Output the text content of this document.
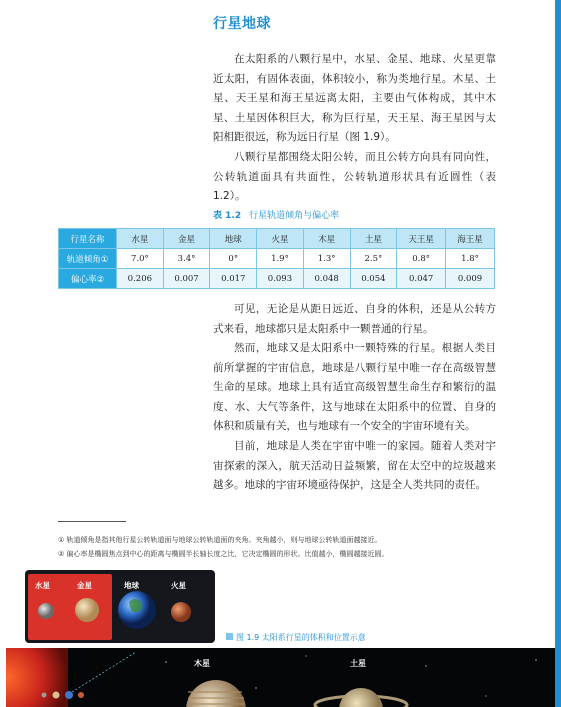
行星地球
在太阳系的八颗行星中，水星、金星、地球、火星更靠近太阳，有固体表面，体积较小，称为类地行星。木星、土星、天王星和海王星远离太阳，主要由气体构成，其中木星、土星因体积巨大，称为巨行星，天王星、海王星因与太阳相距很远，称为远日行星（图 1.9）。
八颗行星都围绕太阳公转，而且公转方向具有同向性，公转轨道面具有共面性，公转轨道形状具有近圆性（表 1.2）。
表 1.2 行星轨道倾角与偏心率
行星名称	水星	金星	地球	火星	木星	土星	天王星	海王星
轨道倾角①	7.0°	3.4°	0°	1.9°	1.3°	2.5°	0.8°	1.8°
偏心率②	0.206	0.007	0.017	0.093	0.048	0.054	0.047	0.009
可见，无论是从距日远近、自身的体积，还是从公转方式来看，地球都只是太阳系中一颗普通的行星。
然而，地球又是太阳系中一颗特殊的行星。根据人类目前所掌握的宇宙信息，地球是八颗行星中唯一存在高级智慧生命的星球。地球上具有适宜高级智慧生命生存和繁衍的温度、水、大气等条件，这与地球在太阳系中的位置、自身的体积和质量有关，也与地球有一个安全的宇宙环境有关。
目前，地球是人类在宇宙中唯一的家园。随着人类对宇宙探索的深入，航天活动日益频繁，留在太空中的垃圾越来越多。地球的宇宙环境亟待保护，这是全人类共同的责任。
① 轨道倾角是指其他行星公转轨道面与地球公转轨道面的夹角。夹角越小，则与地球公转轨道面越接近。
② 偏心率是椭圆焦点到中心的距离与椭圆半长轴长度之比，它决定椭圆的形状。比值越小，椭圆越接近圆。
水星	金星	地球	火星
图 1.9 太阳系行星的体积和位置示意
木星	土星
